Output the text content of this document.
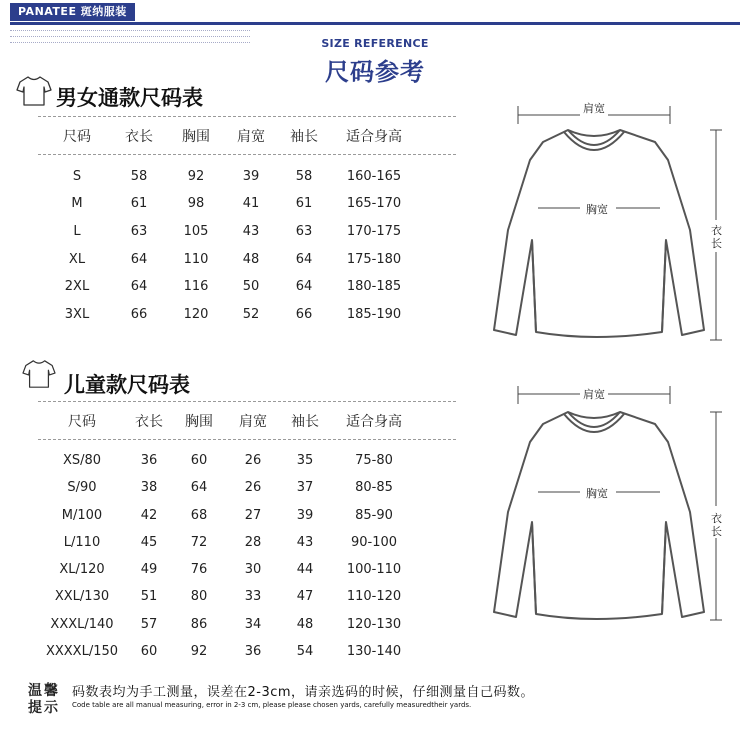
PANATEE 斑纳服装
SIZE REFERENCE
尺码参考
男女通款尺码表
尺码	衣长	胸围	肩宽	袖长	适合身高
S	58	92	39	58	160-165
M	61	98	41	61	165-170
L	63	105	43	63	170-175
XL	64	110	48	64	175-180
2XL	64	116	50	64	180-185
3XL	66	120	52	66	185-190
儿童款尺码表
尺码	衣长	胸围	肩宽	袖长	适合身高
XS/80	36	60	26	35	75-80
S/90	38	64	26	37	80-85
M/100	42	68	27	39	85-90
L/110	45	72	28	43	90-100
XL/120	49	76	30	44	100-110
XXL/130	51	80	33	47	110-120
XXXL/140	57	86	34	48	120-130
XXXXL/150	60	92	36	54	130-140
肩宽
胸宽
衣长
肩宽
胸宽
衣长
温馨
提示
码数表均为手工测量，误差在2-3cm，请亲选码的时候，仔细测量自己码数。
Code table are all manual measuring, error in 2-3 cm, please please chosen yards, carefully measuredtheir yards.
